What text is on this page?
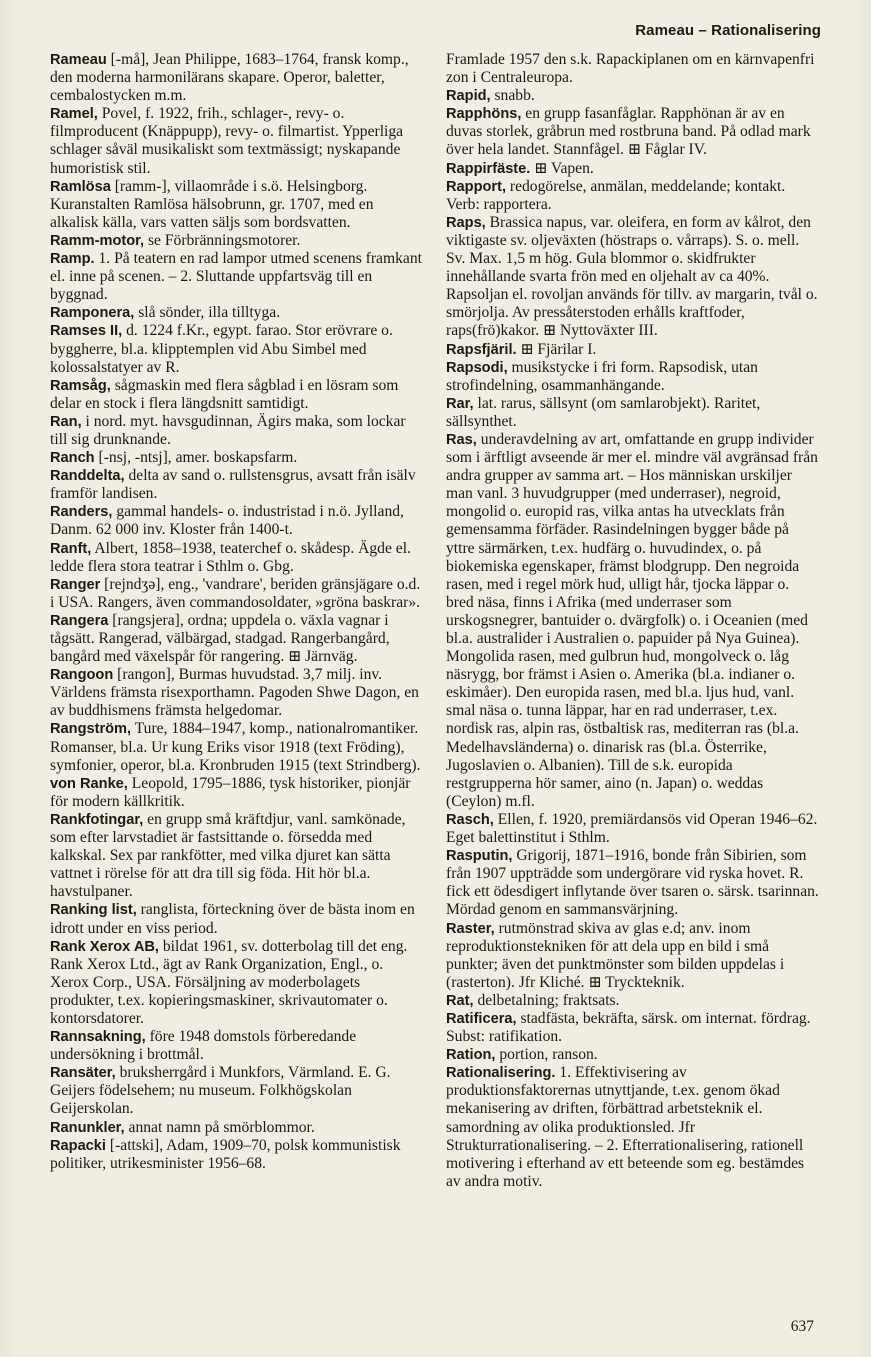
Rameau – Rationalisering

Rameau [-må], Jean Philippe, 1683–1764, fransk komp., den moderna harmonilärans skapare. Operor, baletter, cembalostycken m.m.

Ramel, Povel, f. 1922, frih., schlager-, revy- o. filmproducent (Knäppupp), revy- o. filmartist. Ypperliga schlager såväl musikaliskt som textmässigt; nyskapande humoristisk stil.

Ramlösa [ramm-], villaområde i s.ö. Helsingborg. Kuranstalten Ramlösa hälsobrunn, gr. 1707, med en alkalisk källa, vars vatten säljs som bordsvatten.

Ramm-motor, se Förbränningsmotorer.

Ramp. 1. På teatern en rad lampor utmed scenens framkant el. inne på scenen. – 2. Sluttande uppfartsväg till en byggnad.

Ramponera, slå sönder, illa tilltyga.

Ramses II, d. 1224 f.Kr., egypt. farao. Stor erövrare o. byggherre, bl.a. klipptemplen vid Abu Simbel med kolossalstatyer av R.

Ramsåg, sågmaskin med flera sågblad i en lösram som delar en stock i flera längdsnitt samtidigt.

Ran, i nord. myt. havsgudinnan, Ägirs maka, som lockar till sig drunknande.

Ranch [-nsj, -ntsj], amer. boskapsfarm.

Randdelta, delta av sand o. rullstensgrus, avsatt från isälv framför landisen.

Randers, gammal handels- o. industristad i n.ö. Jylland, Danm. 62 000 inv. Kloster från 1400-t.

Ranft, Albert, 1858–1938, teaterchef o. skådesp. Ägde el. ledde flera stora teatrar i Sthlm o. Gbg.

Ranger [rejndʒə], eng., 'vandrare', beriden gränsjägare o.d. i USA. Rangers, även commandosoldater, »gröna baskrar».

Rangera [rangsjera], ordna; uppdela o. växla vagnar i tågsätt. Rangerad, välbärgad, stadgad. Rangerbangård, bangård med växelspår för rangering. ⊞ Järnväg.

Rangoon [rangon], Burmas huvudstad. 3,7 milj. inv. Världens främsta risexporthamn. Pagoden Shwe Dagon, en av buddhismens främsta helgedomar.

Rangström, Ture, 1884–1947, komp., nationalromantiker. Romanser, bl.a. Ur kung Eriks visor 1918 (text Fröding), symfonier, operor, bl.a. Kronbruden 1915 (text Strindberg).

von Ranke, Leopold, 1795–1886, tysk historiker, pionjär för modern källkritik.

Rankfotingar, en grupp små kräftdjur, vanl. samkönade, som efter larvstadiet är fastsittande o. försedda med kalkskal. Sex par rankfötter, med vilka djuret kan sätta vattnet i rörelse för att dra till sig föda. Hit hör bl.a. havstulpaner.

Ranking list, ranglista, förteckning över de bästa inom en idrott under en viss period.

Rank Xerox AB, bildat 1961, sv. dotterbolag till det eng. Rank Xerox Ltd., ägt av Rank Organization, Engl., o. Xerox Corp., USA. Försäljning av moderbolagets produkter, t.ex. kopieringsmaskiner, skrivautomater o. kontorsdatorer.

Rannsakning, före 1948 domstols förberedande undersökning i brottmål.

Ransäter, bruksherrgård i Munkfors, Värmland. E. G. Geijers födelsehem; nu museum. Folkhögskolan Geijerskolan.

Ranunkler, annat namn på smörblommor.

Rapacki [-attski], Adam, 1909–70, polsk kommunistisk politiker, utrikesminister 1956–68.

Framlade 1957 den s.k. Rapackiplanen om en kärnvapenfri zon i Centraleuropa.

Rapid, snabb.

Rapphöns, en grupp fasanfåglar. Rapphönan är av en duvas storlek, gråbrun med rostbruna band. På odlad mark över hela landet. Stannfågel. ⊞ Fåglar IV.

Rappirfäste. ⊞ Vapen.

Rapport, redogörelse, anmälan, meddelande; kontakt. Verb: rapportera.

Raps, Brassica napus, var. oleifera, en form av kålrot, den viktigaste sv. oljeväxten (höstraps o. vårraps). S. o. mell. Sv. Max. 1,5 m hög. Gula blommor o. skidfrukter innehållande svarta frön med en oljehalt av ca 40%. Rapsoljan el. rovoljan används för tillv. av margarin, tvål o. smörjolja. Av pressåterstoden erhålls kraftfoder, raps(frö)kakor. ⊞ Nyttoväxter III.

Rapsfjäril. ⊞ Fjärilar I.

Rapsodi, musikstycke i fri form. Rapsodisk, utan strofindelning, osammanhängande.

Rar, lat. rarus, sällsynt (om samlarobjekt). Raritet, sällsynthet.

Ras, underavdelning av art, omfattande en grupp individer som i ärftligt avseende är mer el. mindre väl avgränsad från andra grupper av samma art. – Hos människan urskiljer man vanl. 3 huvudgrupper (med underraser), negroid, mongolid o. europid ras, vilka antas ha utvecklats från gemensamma förfäder. Rasindelningen bygger både på yttre särmärken, t.ex. hudfärg o. huvudindex, o. på biokemiska egenskaper, främst blodgrupp. Den negroida rasen, med i regel mörk hud, ulligt hår, tjocka läppar o. bred näsa, finns i Afrika (med underraser som urskogsnegrer, bantuider o. dvärgfolk) o. i Oceanien (med bl.a. australider i Australien o. papuider på Nya Guinea). Mongolida rasen, med gulbrun hud, mongolveck o. låg näsrygg, bor främst i Asien o. Amerika (bl.a. indianer o. eskimåer). Den europida rasen, med bl.a. ljus hud, vanl. smal näsa o. tunna läppar, har en rad underraser, t.ex. nordisk ras, alpin ras, östbaltisk ras, mediterran ras (bl.a. Medelhavsländerna) o. dinarisk ras (bl.a. Österrike, Jugoslavien o. Albanien). Till de s.k. europida restgrupperna hör samer, aino (n. Japan) o. weddas (Ceylon) m.fl.

Rasch, Ellen, f. 1920, premiärdansös vid Operan 1946–62. Eget balettinstitut i Sthlm.

Rasputin, Grigorij, 1871–1916, bonde från Sibirien, som från 1907 uppträdde som undergörare vid ryska hovet. R. fick ett ödesdigert inflytande över tsaren o. särsk. tsarinnan. Mördad genom en sammansvärjning.

Raster, rutmönstrad skiva av glas e.d; anv. inom reproduktionstekniken för att dela upp en bild i små punkter; även det punktmönster som bilden uppdelas i (rasterton). Jfr Kliché. ⊞ Tryckteknik.

Rat, delbetalning; fraktsats.

Ratificera, stadfästa, bekräfta, särsk. om internat. fördrag. Subst: ratifikation.

Ration, portion, ranson.

Rationalisering. 1. Effektivisering av produktionsfaktorernas utnyttjande, t.ex. genom ökad mekanisering av driften, förbättrad arbetsteknik el. samordning av olika produktionsled. Jfr Strukturrationalisering. – 2. Efterrationalisering, rationell motivering i efterhand av ett beteende som eg. bestämdes av andra motiv.

637
